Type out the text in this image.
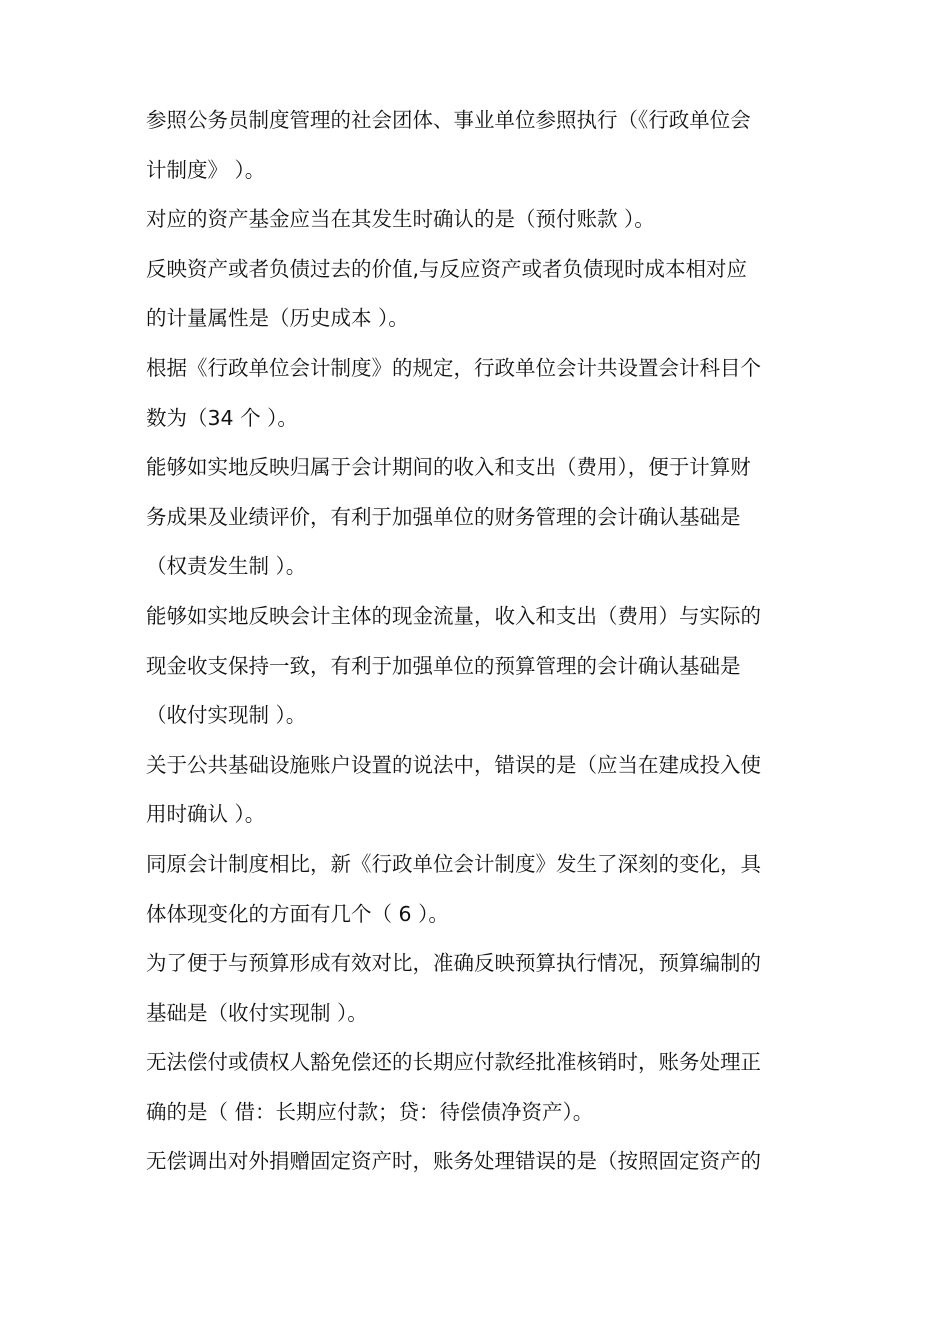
参照公务员制度管理的社会团体、事业单位参照执行（《行政单位会
计制度》 ）。
对应的资产基金应当在其发生时确认的是（预付账款 ）。
反映资产或者负债过去的价值,与反应资产或者负债现时成本相对应
的计量属性是（历史成本 ）。
根据《行政单位会计制度》的规定，行政单位会计共设置会计科目个
数为（34 个 ）。
能够如实地反映归属于会计期间的收入和支出（费用），便于计算财
务成果及业绩评价，有利于加强单位的财务管理的会计确认基础是
（权责发生制 ）。
能够如实地反映会计主体的现金流量，收入和支出（费用）与实际的
现金收支保持一致，有利于加强单位的预算管理的会计确认基础是
（收付实现制 ）。
关于公共基础设施账户设置的说法中，错误的是（应当在建成投入使
用时确认 ）。
同原会计制度相比，新《行政单位会计制度》发生了深刻的变化，具
体体现变化的方面有几个（ 6 ）。
为了便于与预算形成有效对比，准确反映预算执行情况，预算编制的
基础是（收付实现制 ）。
无法偿付或债权人豁免偿还的长期应付款经批准核销时，账务处理正
确的是（ 借：长期应付款；贷：待偿债净资产）。
无偿调出对外捐赠固定资产时，账务处理错误的是（按照固定资产的
